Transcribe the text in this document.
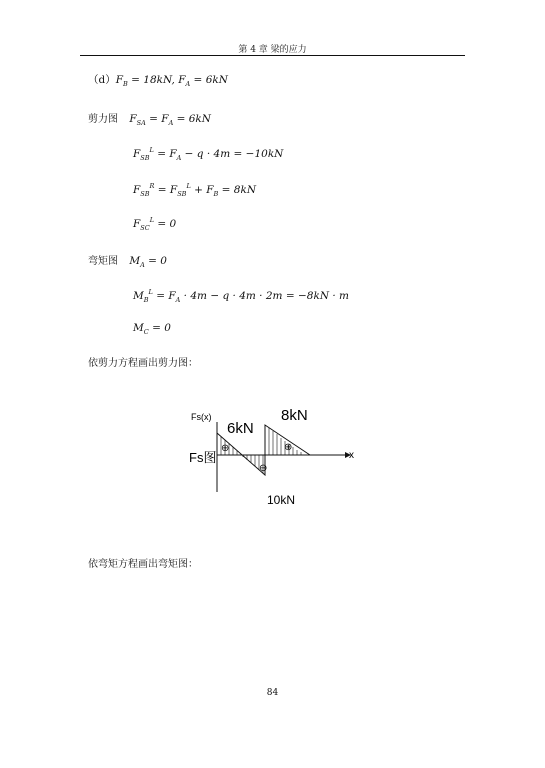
第 4 章 梁的应力
$(d)F_B = 18kN$, $F_A = 6kN$
剪力图 $F_{SA} = F_A = 6kN$
$F_{SB}^L = F_A - q \cdot 4m = -10kN$
$F_{SB}^R = F_{SB}^L + F_B = 8kN$
$F_{SC}^L = 0$
弯矩图 $M_A = 0$
$M_B^L = F_A \cdot 4m - q \cdot 4m \cdot 2m = -8kN \cdot m$
$M_C = 0$
依剪力方程画出剪力图：
⊕
⊖
⊕
Fs(x)
x
Fs图
6kN
8kN
10kN
依弯矩方程画出弯矩图：
84
